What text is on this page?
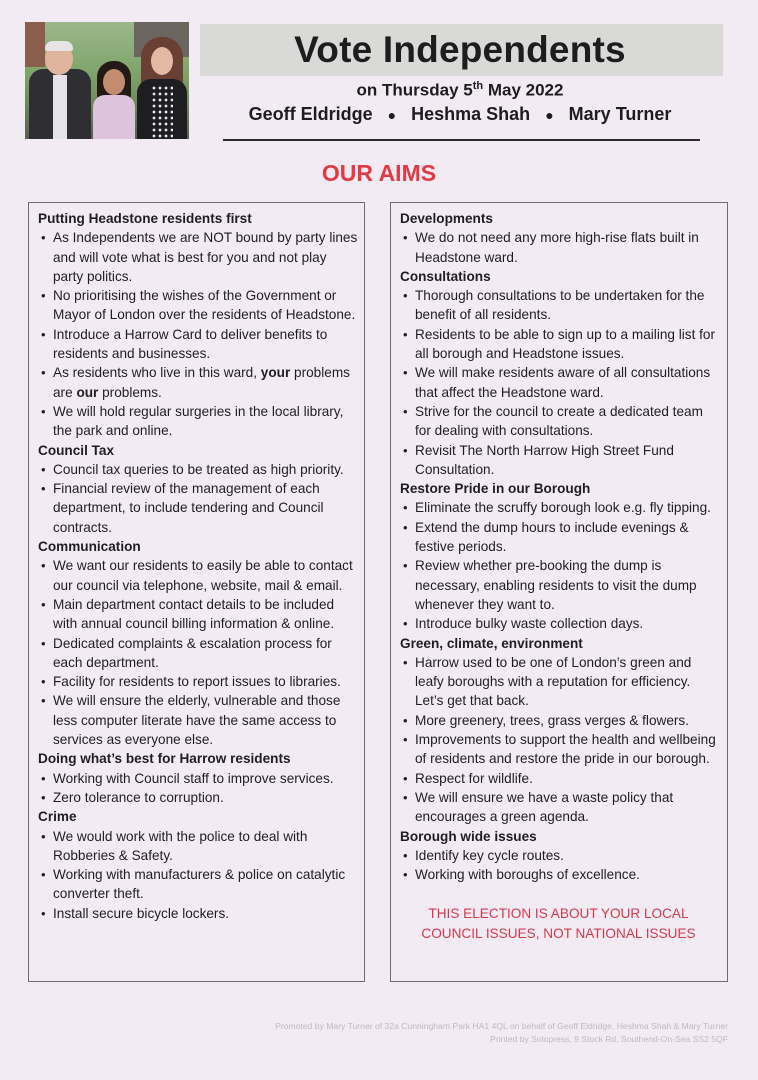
Vote Independents
on Thursday 5th May 2022
Geoff Eldridge ● Heshma Shah ● Mary Turner
OUR AIMS
Putting Headstone residents first
• As Independents we are NOT bound by party lines and will vote what is best for you and not play party politics.
• No prioritising the wishes of the Government or Mayor of London over the residents of Headstone.
• Introduce a Harrow Card to deliver benefits to residents and businesses.
• As residents who live in this ward, your problems are our problems.
• We will hold regular surgeries in the local library, the park and online.
Council Tax
• Council tax queries to be treated as high priority.
• Financial review of the management of each department, to include tendering and Council contracts.
Communication
• We want our residents to easily be able to contact our council via telephone, website, mail & email.
• Main department contact details to be included with annual council billing information & online.
• Dedicated complaints & escalation process for each department.
• Facility for residents to report issues to libraries.
• We will ensure the elderly, vulnerable and those less computer literate have the same access to services as everyone else.
Doing what’s best for Harrow residents
• Working with Council staff to improve services.
• Zero tolerance to corruption.
Crime
• We would work with the police to deal with Robberies & Safety.
• Working with manufacturers & police on catalytic converter theft.
• Install secure bicycle lockers.
Developments
• We do not need any more high-rise flats built in Headstone ward.
Consultations
• Thorough consultations to be undertaken for the benefit of all residents.
• Residents to be able to sign up to a mailing list for all borough and Headstone issues.
• We will make residents aware of all consultations that affect the Headstone ward.
• Strive for the council to create a dedicated team for dealing with consultations.
• Revisit The North Harrow High Street Fund Consultation.
Restore Pride in our Borough
• Eliminate the scruffy borough look e.g. fly tipping.
• Extend the dump hours to include evenings & festive periods.
• Review whether pre-booking the dump is necessary, enabling residents to visit the dump whenever they want to.
• Introduce bulky waste collection days.
Green, climate, environment
• Harrow used to be one of London’s green and leafy boroughs with a reputation for efficiency. Let’s get that back.
• More greenery, trees, grass verges & flowers.
• Improvements to support the health and wellbeing of residents and restore the pride in our borough.
• Respect for wildlife.
• We will ensure we have a waste policy that encourages a green agenda.
Borough wide issues
• Identify key cycle routes.
• Working with boroughs of excellence.
THIS ELECTION IS ABOUT YOUR LOCAL COUNCIL ISSUES, NOT NATIONAL ISSUES
Promoted by Mary Turner of 32a Cunningham Park HA1 4QL on behalf of Geoff Eldridge, Heshma Shah & Mary Turner
Printed by Solopress, 9 Stock Rd, Southend-On-Sea SS2 5QF
